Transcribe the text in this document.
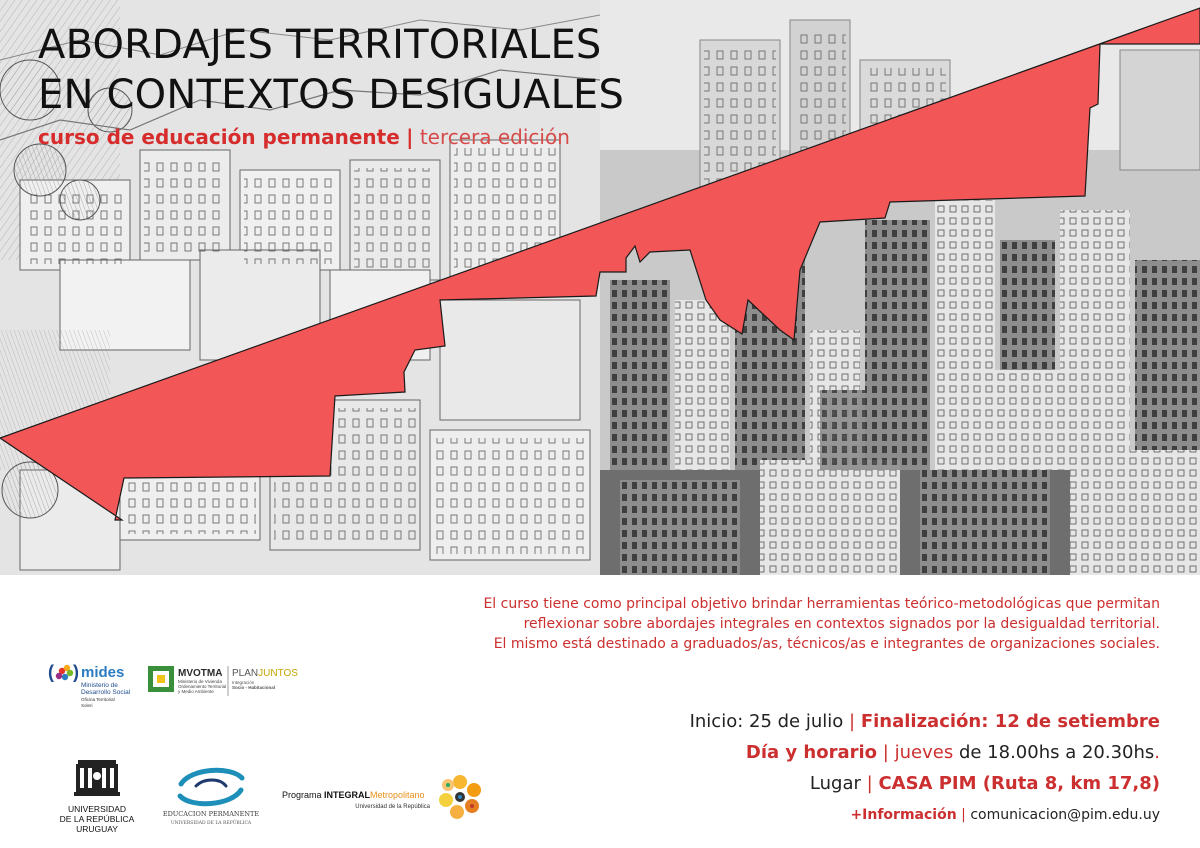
ABORDAJES TERRITORIALES
EN CONTEXTOS DESIGUALES
curso de educación permanente | tercera edición
El curso tiene como principal objetivo brindar herramientas teórico-metodológicas que permitan
reflexionar sobre abordajes integrales en contextos signados por la desigualdad territorial.
El mismo está destinado a graduados/as, técnicos/as e integrantes de organizaciones sociales.
Inicio: 25 de julio | Finalización: 12 de setiembre
Día y horario | jueves de 18.00hs a 20.30hs.
Lugar | CASA PIM (Ruta 8, km 17,8)
+Información | comunicacion@pim.edu.uy
( ) mides
Ministerio de
Desarrollo Social
Oficina Territorial
Soleri
MVOTMA
Ministerio de Vivienda
Ordenamiento Territorial
y Medio Ambiente
PLANJUNTOS
Integración
Socio - Habitacional
UNIVERSIDAD
DE LA REPÚBLICA
URUGUAY
EDUCACION PERMANENTE
UNIVERSIDAD DE LA REPÚBLICA
Programa INTEGRALMetropolitano
Universidad de la República
